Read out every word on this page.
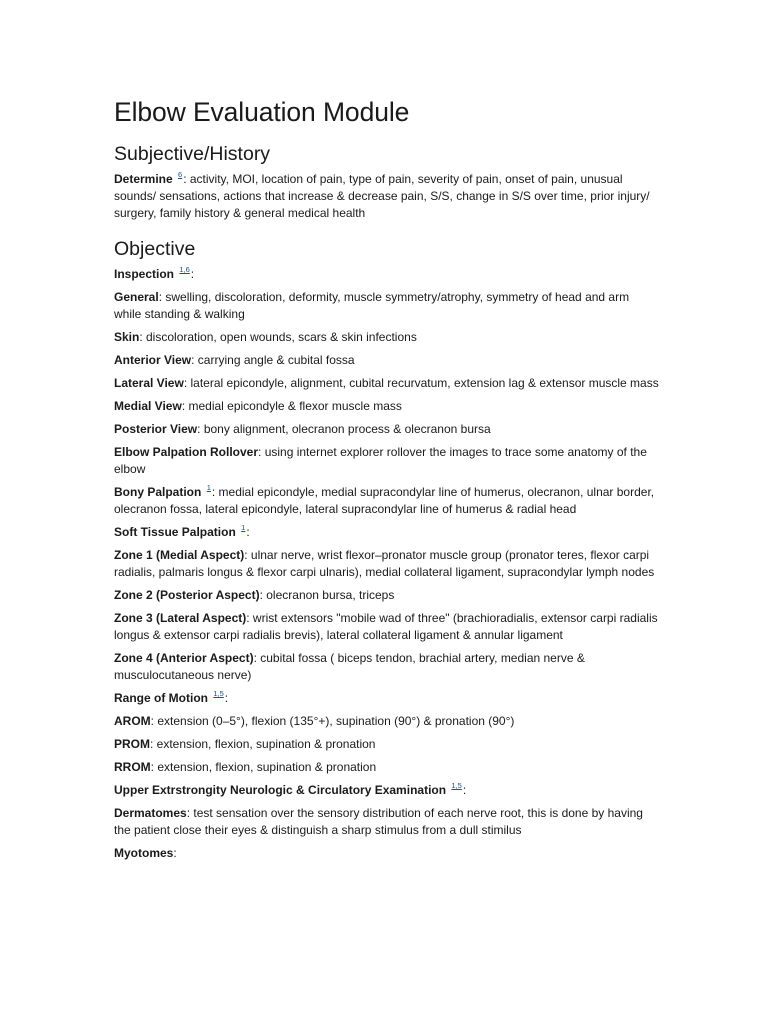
Elbow Evaluation Module
Subjective/History

Determine $^6$: activity, MOI, location of pain, type of pain, severity of pain, onset of pain, unusual sounds/ sensations, actions that increase & decrease pain, S/S, change in S/S over time, prior injury/ surgery, family history & general medical health

Objective

Inspection $^{1,6}$:

General: swelling, discoloration, deformity, muscle symmetry/atrophy, symmetry of head and arm while standing & walking

Skin: discoloration, open wounds, scars & skin infections

Anterior View: carrying angle & cubital fossa

Lateral View: lateral epicondyle, alignment, cubital recurvatum, extension lag & extensor muscle mass

Medial View: medial epicondyle & flexor muscle mass

Posterior View: bony alignment, olecranon process & olecranon bursa

Elbow Palpation Rollover: using internet explorer rollover the images to trace some anatomy of the elbow

Bony Palpation $^1$: medial epicondyle, medial supracondylar line of humerus, olecranon, ulnar border, olecranon fossa, lateral epicondyle, lateral supracondylar line of humerus & radial head

Soft Tissue Palpation $^1$:

Zone 1 (Medial Aspect): ulnar nerve, wrist flexor–pronator muscle group (pronator teres, flexor carpi radialis, palmaris longus & flexor carpi ulnaris), medial collateral ligament, supracondylar lymph nodes

Zone 2 (Posterior Aspect): olecranon bursa, triceps

Zone 3 (Lateral Aspect): wrist extensors "mobile wad of three" (brachioradialis, extensor carpi radialis longus & extensor carpi radialis brevis), lateral collateral ligament & annular ligament

Zone 4 (Anterior Aspect): cubital fossa ( biceps tendon, brachial artery, median nerve & musculocutaneous nerve)

Range of Motion $^{1,5}$:

AROM: extension (0–5°), flexion (135°+), supination (90°) & pronation (90°)

PROM: extension, flexion, supination & pronation

RROM: extension, flexion, supination & pronation

Upper Extrstrongity Neurologic & Circulatory Examination $^{1,5}$:

Dermatomes: test sensation over the sensory distribution of each nerve root, this is done by having the patient close their eyes & distinguish a sharp stimulus from a dull stimilus

Myotomes:
